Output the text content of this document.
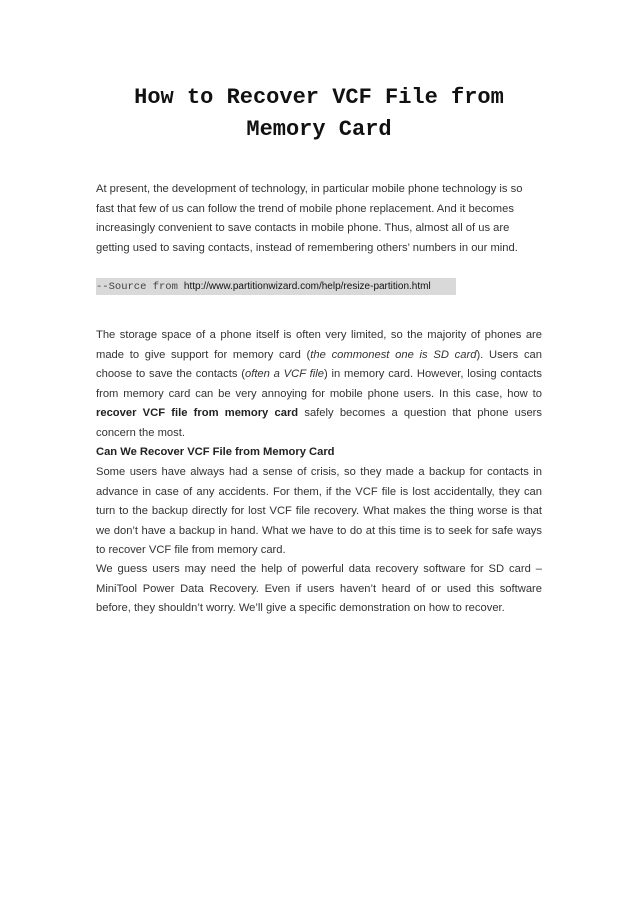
How to Recover VCF File from
Memory Card
At present, the development of technology, in particular mobile phone technology is so fast that few of us can follow the trend of mobile phone replacement. And it becomes increasingly convenient to save contacts in mobile phone. Thus, almost all of us are getting used to saving contacts, instead of remembering others’ numbers in our mind.
--Source from http://www.partitionwizard.com/help/resize-partition.html
The storage space of a phone itself is often very limited, so the majority of phones are made to give support for memory card (the commonest one is SD card). Users can choose to save the contacts (often a VCF file) in memory card. However, losing contacts from memory card can be very annoying for mobile phone users. In this case, how to recover VCF file from memory card safely becomes a question that phone users concern the most.
Can We Recover VCF File from Memory Card
Some users have always had a sense of crisis, so they made a backup for contacts in advance in case of any accidents. For them, if the VCF file is lost accidentally, they can turn to the backup directly for lost VCF file recovery. What makes the thing worse is that we don’t have a backup in hand. What we have to do at this time is to seek for safe ways to recover VCF file from memory card.
We guess users may need the help of powerful data recovery software for SD card – MiniTool Power Data Recovery. Even if users haven’t heard of or used this software before, they shouldn’t worry. We’ll give a specific demonstration on how to recover.
